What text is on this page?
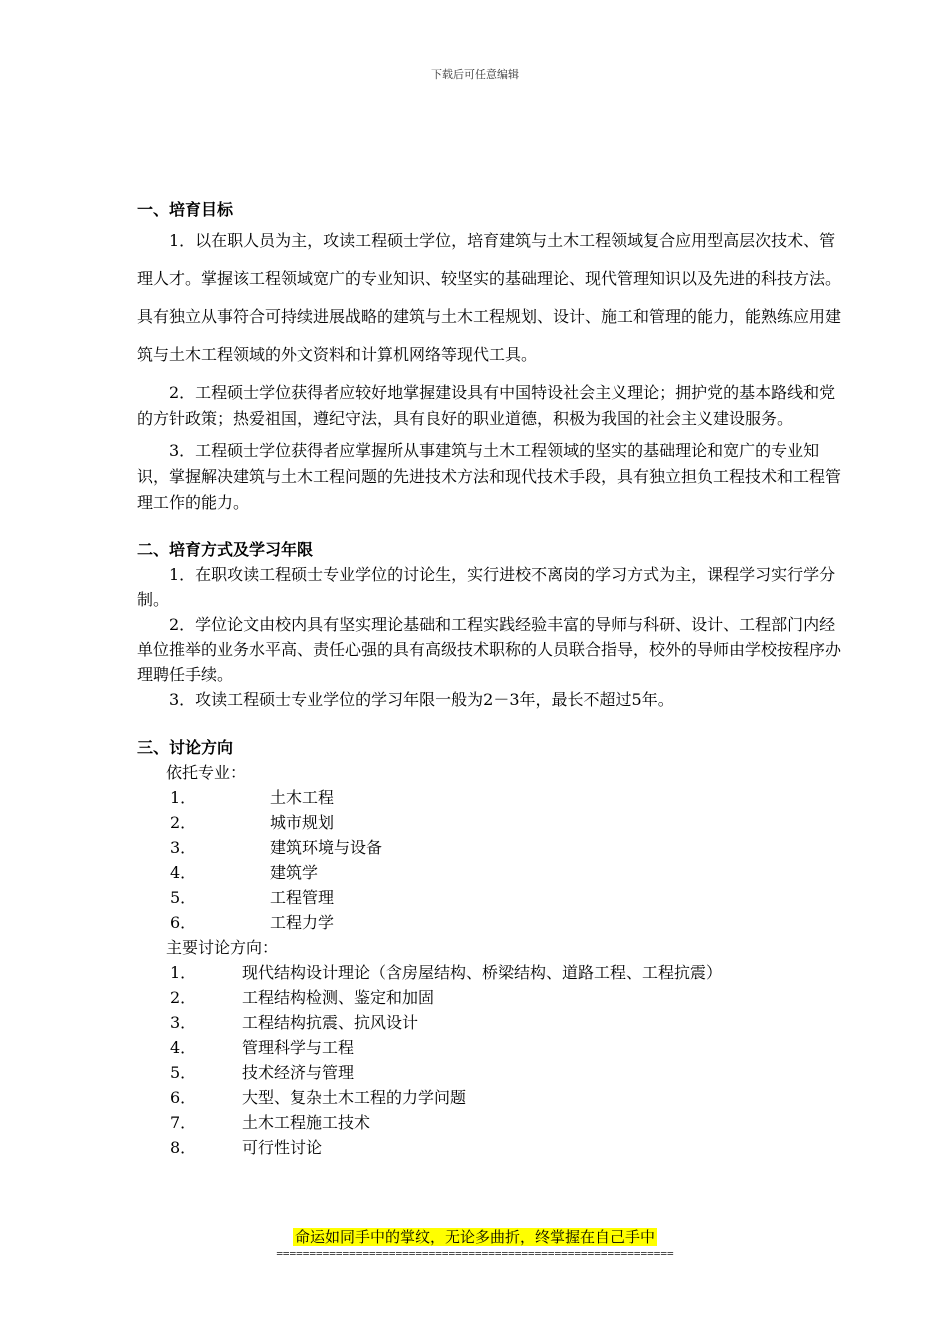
下载后可任意编辑
一、培育目标

1．以在职人员为主，攻读工程硕士学位，培育建筑与土木工程领域复合应用型高层次技术、管理人才。掌握该工程领域宽广的专业知识、较坚实的基础理论、现代管理知识以及先进的科技方法。具有独立从事符合可持续进展战略的建筑与土木工程规划、设计、施工和管理的能力，能熟练应用建筑与土木工程领域的外文资料和计算机网络等现代工具。

2．工程硕士学位获得者应较好地掌握建设具有中国特设社会主义理论；拥护党的基本路线和党的方针政策；热爱祖国，遵纪守法，具有良好的职业道德，积极为我国的社会主义建设服务。

3．工程硕士学位获得者应掌握所从事建筑与土木工程领域的坚实的基础理论和宽广的专业知识，掌握解决建筑与土木工程问题的先进技术方法和现代技术手段，具有独立担负工程技术和工程管理工作的能力。

二、培育方式及学习年限

1．在职攻读工程硕士专业学位的讨论生，实行进校不离岗的学习方式为主，课程学习实行学分制。

2．学位论文由校内具有坚实理论基础和工程实践经验丰富的导师与科研、设计、工程部门内经单位推举的业务水平高、责任心强的具有高级技术职称的人员联合指导，校外的导师由学校按程序办理聘任手续。

3．攻读工程硕士专业学位的学习年限一般为2－3年，最长不超过5年。

三、讨论方向

依托专业：

1．	土木工程
2．	城市规划
3．	建筑环境与设备
4．	建筑学
5．	工程管理
6．	工程力学

主要讨论方向：

1．	现代结构设计理论（含房屋结构、桥梁结构、道路工程、工程抗震）
2．	工程结构检测、鉴定和加固
3．	工程结构抗震、抗风设计
4．	管理科学与工程
5．	技术经济与管理
6．	大型、复杂土木工程的力学问题
7．	土木工程施工技术
8．	可行性讨论
命运如同手中的掌纹，无论多曲折，终掌握在自己手中
============================================================
